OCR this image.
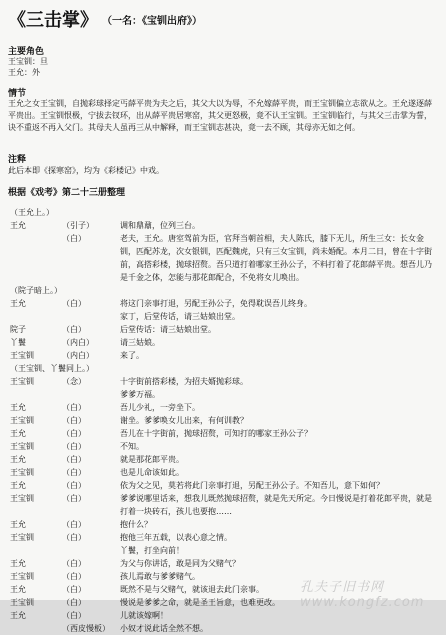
《三击掌》 （一名：《宝钏出府》）
主要角色
王宝钏：旦
王允：外
情节
王允之女王宝钏，自抛彩球择定丐薛平贵为夫之后，其父大以为辱，不允嫁薛平贵，而王宝钏偏立志欲从之。王允遂逐薛平贵出。王宝钏恨极，宁拔去钗环，出从薛平贵居寒窑，其父更怒极，竟不认王宝钏。王宝钏临行，与其父三击掌为誓，诀不重返不再入父门。其母夫人虽再三从中解释，而王宝钏志甚决，竟一去不顾，其母亦无如之何。
注释
此后本即《探寒窑》，均为《彩楼记》中戏。
根据《戏考》第二十三册整理
（王允上。）
王允	（引子）	调和鼎鼐，位列三台。
（白）	老夫，王允。唐室驾前为臣，官拜当朝首相，夫人陈氏，膝下无儿，所生三女：长女金钏，匹配苏龙，次女银钏，匹配魏虎，只有三女宝钏，尚未婚配。本月二日，曾在十字街前，高搭彩楼，抛球招赘。吾只道打着哪家王孙公子，不料打着了花郎薛平贵。想吾儿乃是千金之体，怎能与那花郎配合，不免将女儿唤出。
（院子暗上。）
王允	（白）	将这门亲事打退，另配王孙公子，免得耽误吾儿终身。
家丁，后堂传话，请三姑娘出堂。
院子	（白）	后堂传话：请三姑娘出堂。
丫鬟	（内白）	请三姑娘。
王宝钏	（内白）	来了。
（王宝钏、丫鬟同上。）
王宝钏	（念）	十字街前搭彩楼，为招夫婿抛彩球。
爹爹万福。
王允	（白）	吾儿少礼，一旁坐下。
王宝钏	（白）	谢坐。爹爹唤女儿出来，有何训教？
王允	（白）	吾儿在十字街前，抛球招赘，可知打的哪家王孙公子？
王宝钏	（白）	不知。
王允	（白）	就是那花郎平贵。
王宝钏	（白）	也是儿命该如此。
王允	（白）	依为父之见，莫若将此门亲事打退，另配王孙公子。不知吾儿，意下如何？
王宝钏	（白）	爹爹说哪里话来，想我儿既然抛球招赘，就是先天所定。今日慢说是打着花郎平贵，就是打着一块砖石，孩儿也要抱……
王允	（白）	抱什么？
王宝钏	（白）	抱他三年五载，以表心意之情。
丫鬟，打坐向前！
王允	（白）	为父与你讲话，敢是同为父赌气？
王宝钏	（白）	孩儿焉敢与爹爹赌气。
王允	（白）	既然不是与父赌气，就该退去此门亲事。
王宝钏	（白）	慢说是爹爹之命，就是圣王旨意，也难更改。
王允	（白）	儿就该嫁啊！
（西皮慢板） 小奴才说此话全然不想。
孔夫子旧书网 www.kongfz.com
